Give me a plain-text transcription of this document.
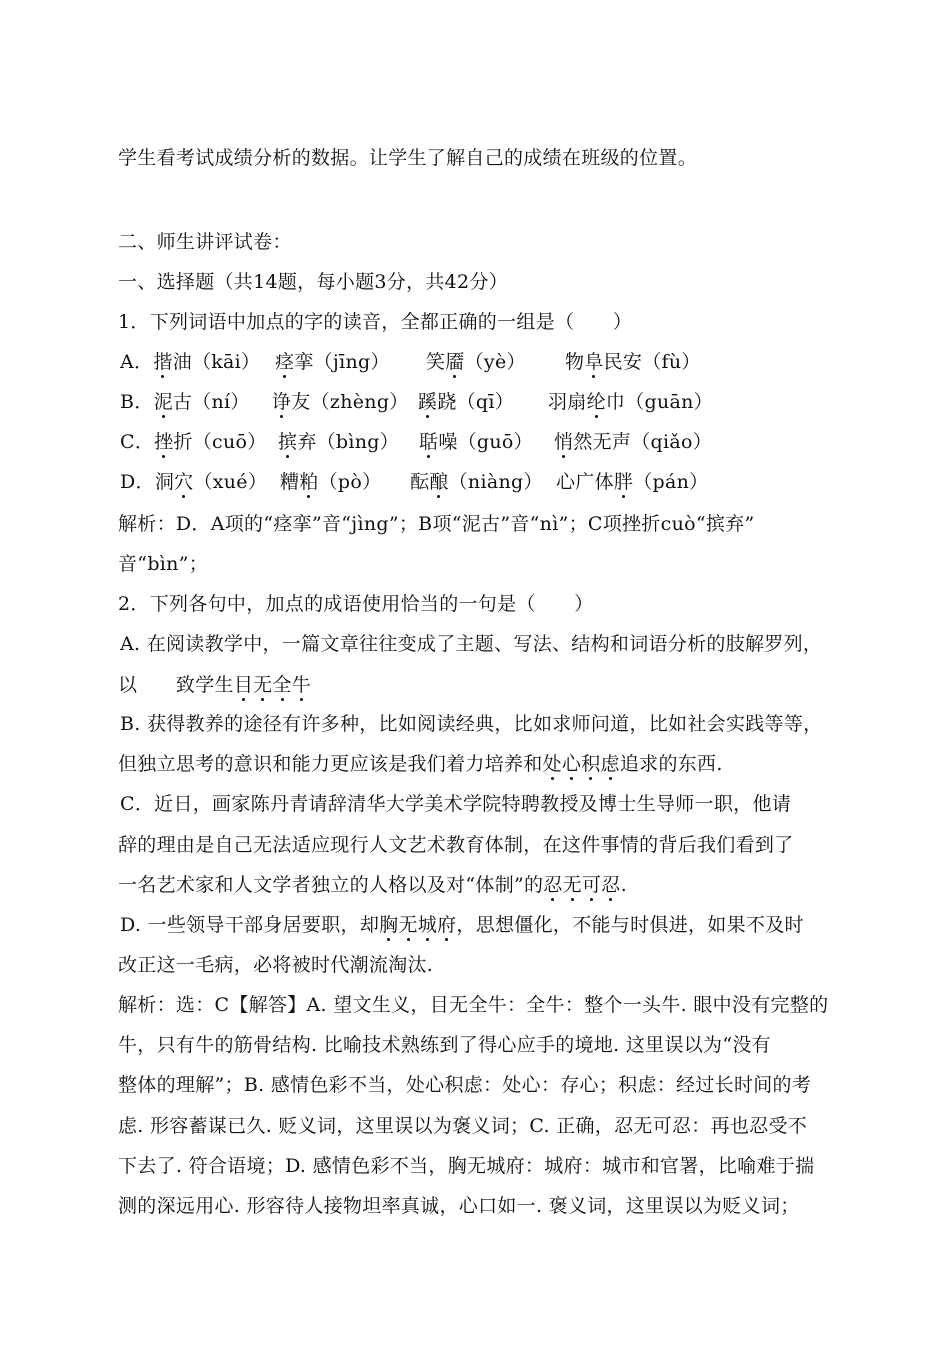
学生看考试成绩分析的数据。让学生了解自己的成绩在班级的位置。
二、师生讲评试卷：
一、选择题（共14题，每小题3分，共42分）
1．下列词语中加点的字的读音，全都正确的一组是（　　）
A．揩油（kāi） 痉挛（jīng） 笑靥（yè） 物阜民安（fù）
B．泥古（ní） 诤友（zhèng） 蹊跷（qī） 羽扇纶巾（guān）
C．挫折（cuō） 摈弃（bìng） 聒噪（guō） 悄然无声（qiǎo）
D．洞穴（xué） 糟粕（pò） 酝酿（niàng） 心广体胖（pán）
解析：D．A项的“痉挛”音“jìng”；B项“泥古”音“nì”；C项挫折cuò“摈弃”
音“bìn”；
2．下列各句中，加点的成语使用恰当的一句是（　　）
A. 在阅读教学中，一篇文章往往变成了主题、写法、结构和词语分析的肢解罗列，
以　　致学生目无全牛
B. 获得教养的途径有许多种，比如阅读经典，比如求师问道，比如社会实践等等，
但独立思考的意识和能力更应该是我们着力培养和处心积虑追求的东西.
C．近日，画家陈丹青请辞清华大学美术学院特聘教授及博士生导师一职，他请
辞的理由是自己无法适应现行人文艺术教育体制，在这件事情的背后我们看到了
一名艺术家和人文学者独立的人格以及对“体制”的忍无可忍.
D. 一些领导干部身居要职，却胸无城府，思想僵化，不能与时俱进，如果不及时
改正这一毛病，必将被时代潮流淘汰.
解析：选：C【解答】A. 望文生义，目无全牛：全牛：整个一头牛. 眼中没有完整的
牛，只有牛的筋骨结构. 比喻技术熟练到了得心应手的境地. 这里误以为“没有
整体的理解”；B. 感情色彩不当，处心积虑：处心：存心；积虑：经过长时间的考
虑. 形容蓄谋已久. 贬义词，这里误以为褒义词；C. 正确，忍无可忍：再也忍受不
下去了. 符合语境；D. 感情色彩不当，胸无城府：城府：城市和官署，比喻难于揣
测的深远用心. 形容待人接物坦率真诚，心口如一. 褒义词，这里误以为贬义词；
